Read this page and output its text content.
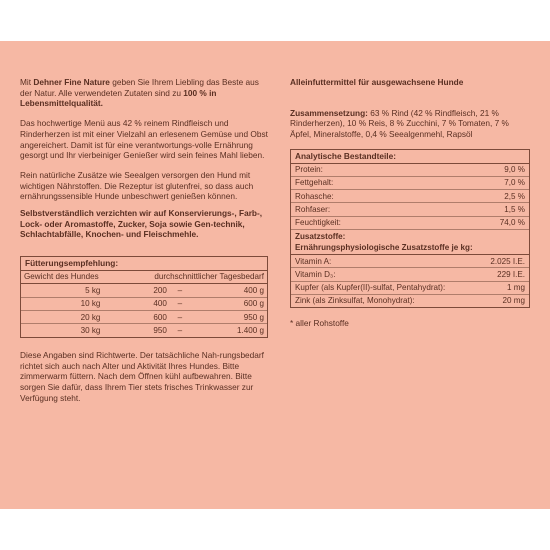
Mit Dehner Fine Nature geben Sie Ihrem Liebling das Beste aus der Natur. Alle verwendeten Zutaten sind zu 100 % in Lebensmittelqualität.

Das hochwertige Menü aus 42 % reinem Rindfleisch und Rinderherzen ist mit einer Vielzahl an erlesenem Gemüse und Obst angereichert. Damit ist für eine verantwortungs-volle Ernährung gesorgt und Ihr vierbeiniger Genießer wird sein feines Mahl lieben.

Rein natürliche Zusätze wie Seealgen versorgen den Hund mit wichtigen Nährstoffen. Die Rezeptur ist glutenfrei, so dass auch ernährungssensible Hunde unbeschwert genießen können.

Selbstverständlich verzichten wir auf Konservierungs-, Farb-, Lock- oder Aromastoffe, Zucker, Soja sowie Gen-technik, Schlachtabfälle, Knochen- und Fleischmehle.

Fütterungsempfehlung:
Gewicht des Hundes	durchschnittlicher Tagesbedarf		
5 kg	200	–	400 g
10 kg	400	–	600 g
20 kg	600	–	950 g
30 kg	950	–	1.400 g

Diese Angaben sind Richtwerte. Der tatsächliche Nah-rungsbedarf richtet sich auch nach Alter und Aktivität Ihres Hundes. Bitte zimmerwarm füttern. Nach dem Öffnen kühl aufbewahren. Bitte sorgen Sie dafür, dass Ihrem Tier stets frisches Trinkwasser zur Verfügung steht.

Alleinfuttermittel für ausgewachsene Hunde

Zusammensetzung: 63 % Rind (42 % Rindfleisch, 21 % Rinderherzen), 10 % Reis, 8 % Zucchini, 7 % Tomaten, 7 % Äpfel, Mineralstoffe, 0,4 % Seealgenmehl, Rapsöl

Analytische Bestandteile:
Protein:	9,0 %
Fettgehalt:	7,0 %
Rohasche:	2,5 %
Rohfaser:	1,5 %
Feuchtigkeit:	74,0 %

Zusatzstoffe:
Ernährungsphysiologische Zusatzstoffe je kg:	

Vitamin A:	2.025 I.E.
Vitamin D₃:	229 I.E.
Kupfer (als Kupfer(II)-sulfat, Pentahydrat):	1 mg
Zink (als Zinksulfat, Monohydrat):	20 mg

* aller Rohstoffe
